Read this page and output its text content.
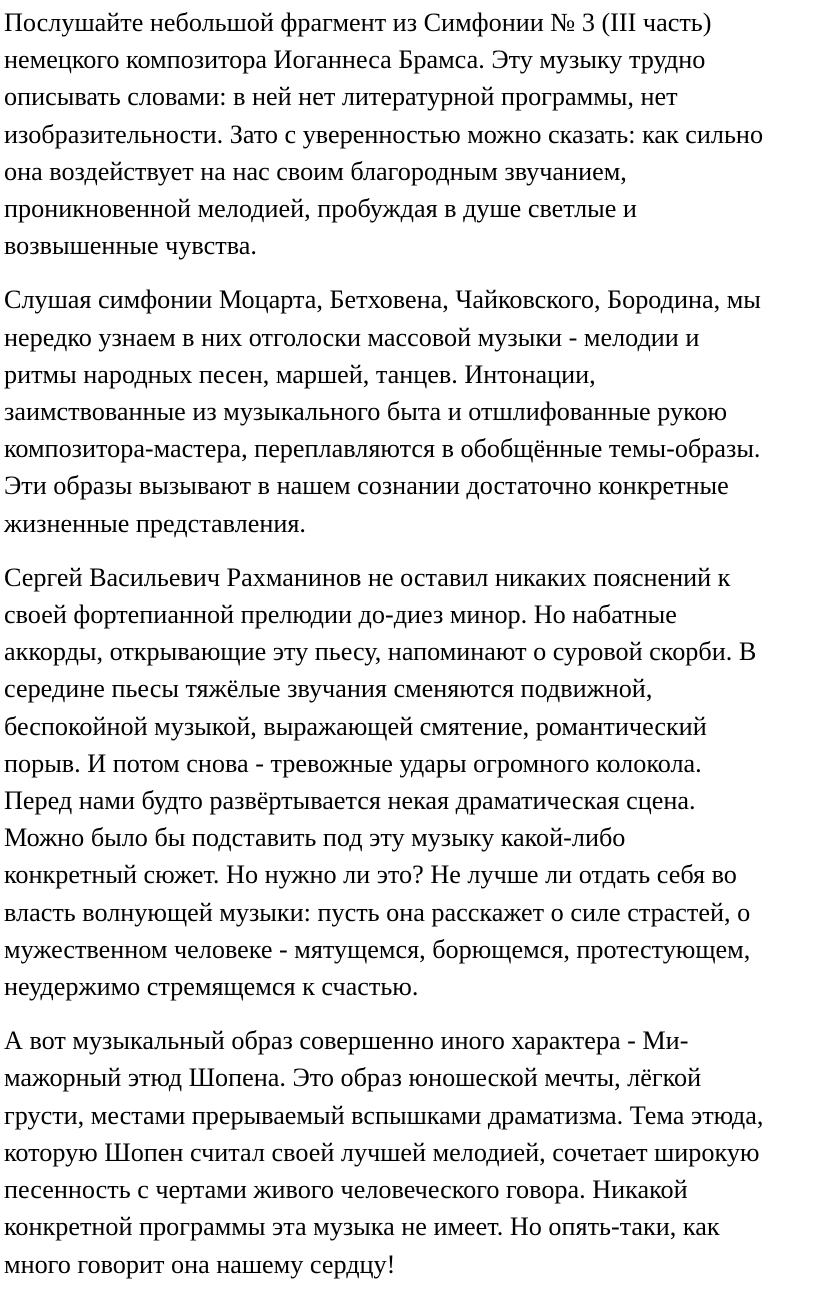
Послушайте небольшой фрагмент из Симфонии № 3 (III часть)
немецкого композитора Иоганнеса Брамса. Эту музыку трудно
описывать словами: в ней нет литературной программы, нет
изобразительности. Зато с уверенностью можно сказать: как сильно
она воздействует на нас своим благородным звучанием,
проникновенной мелодией, пробуждая в душе светлые и
возвышенные чувства.

Слушая симфонии Моцарта, Бетховена, Чайковского, Бородина, мы
нередко узнаем в них отголоски массовой музыки - мелодии и
ритмы народных песен, маршей, танцев. Интонации,
заимствованные из музыкального быта и отшлифованные рукою
композитора-мастера, переплавляются в обобщённые темы-образы.
Эти образы вызывают в нашем сознании достаточно конкретные
жизненные представления.

Сергей Васильевич Рахманинов не оставил никаких пояснений к
своей фортепианной прелюдии до-диез минор. Но набатные
аккорды, открывающие эту пьесу, напоминают о суровой скорби. В
середине пьесы тяжёлые звучания сменяются подвижной,
беспокойной музыкой, выражающей смятение, романтический
порыв. И потом снова - тревожные удары огромного колокола.
Перед нами будто развёртывается некая драматическая сцена.
Можно было бы подставить под эту музыку какой-либо
конкретный сюжет. Но нужно ли это? Не лучше ли отдать себя во
власть волнующей музыки: пусть она расскажет о силе страстей, о
мужественном человеке - мятущемся, борющемся, протестующем,
неудержимо стремящемся к счастью.

А вот музыкальный образ совершенно иного характера - Ми-
мажорный этюд Шопена. Это образ юношеской мечты, лёгкой
грусти, местами прерываемый вспышками драматизма. Тема этюда,
которую Шопен считал своей лучшей мелодией, сочетает широкую
песенность с чертами живого человеческого говора. Никакой
конкретной программы эта музыка не имеет. Но опять-таки, как
много говорит она нашему сердцу!
